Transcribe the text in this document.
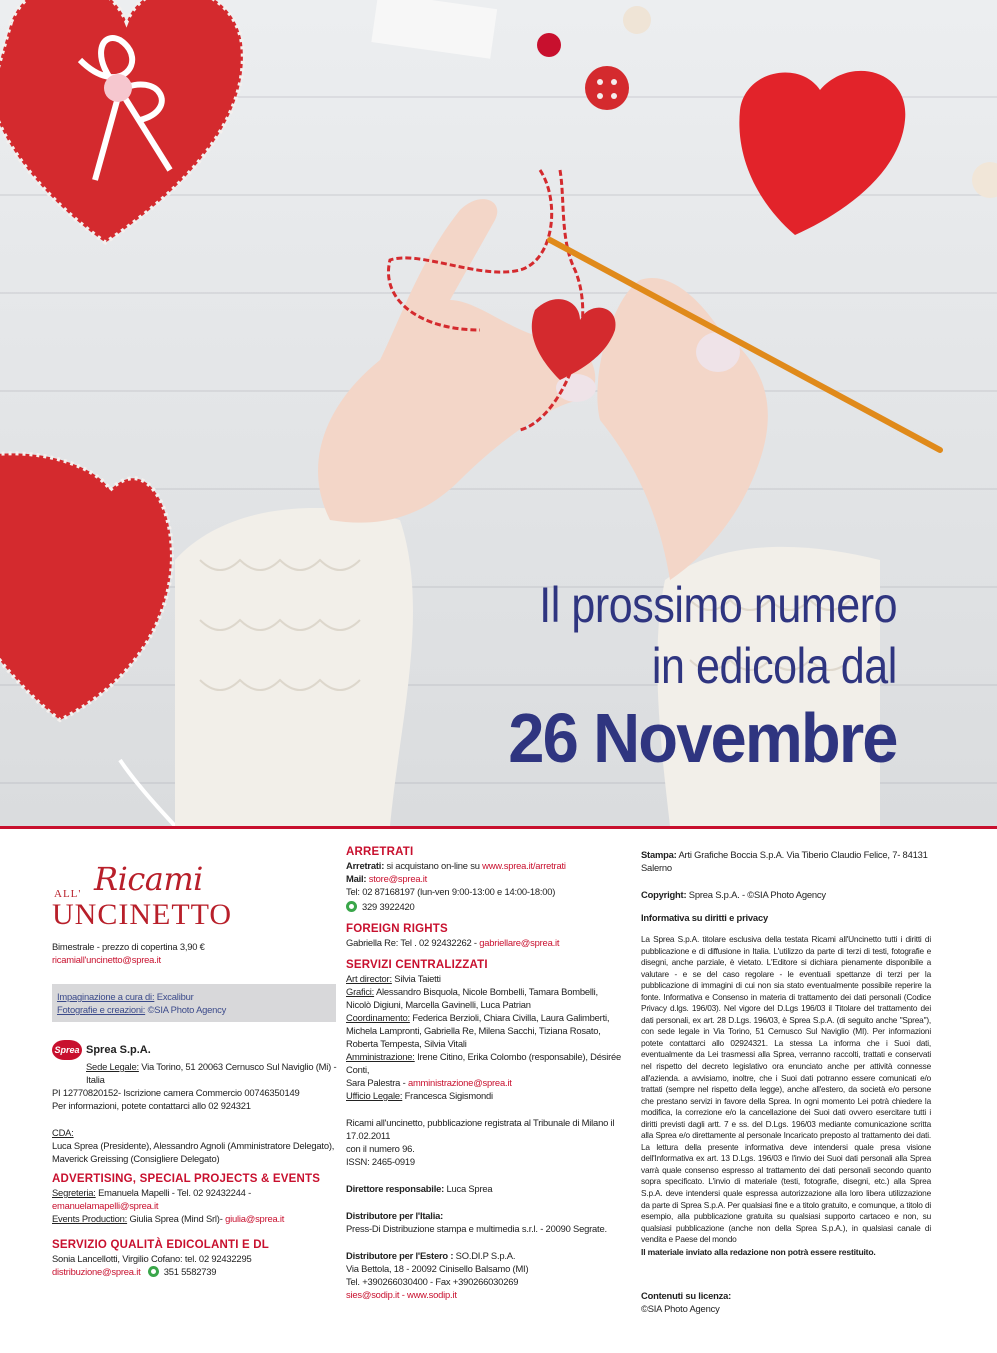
Il prossimo numero
in edicola dal
26 Novembre
Ricami
ALL'
UNCINETTO
Bimestrale - prezzo di copertina 3,90 €
ricamiall'uncinetto@sprea.it
Impaginazione a cura di: Excalibur
Fotografie e creazioni: ©SIA Photo Agency
Sprea Sprea S.p.A.
Sede Legale: Via Torino, 51 20063 Cernusco Sul Naviglio (Mi) - Italia
PI 12770820152- Iscrizione camera Commercio 00746350149
Per informazioni, potete contattarci allo 02 924321
CDA:
Luca Sprea (Presidente), Alessandro Agnoli (Amministratore Delegato),
Maverick Greissing (Consigliere Delegato)
ADVERTISING, SPECIAL PROJECTS & EVENTS
Segreteria: Emanuela Mapelli - Tel. 02 92432244 - emanuelamapelli@sprea.it
Events Production: Giulia Sprea (Mind Srl)- giulia@sprea.it
SERVIZIO QUALITÀ EDICOLANTI E DL
Sonia Lancellotti, Virgilio Cofano: tel. 02 92432295
distribuzione@sprea.it 351 5582739
ARRETRATI
Arretrati: si acquistano on-line su www.sprea.it/arretrati
Mail: store@sprea.it
Tel: 02 87168197 (lun-ven 9:00-13:00 e 14:00-18:00)
329 3922420
FOREIGN RIGHTS
Gabriella Re: Tel . 02 92432262 - gabriellare@sprea.it
SERVIZI CENTRALIZZATI
Art director: Silvia Taietti
Grafici: Alessandro Bisquola, Nicole Bombelli, Tamara Bombelli,
Nicolò Digiuni, Marcella Gavinelli, Luca Patrian
Coordinamento: Federica Berzioli, Chiara Civilla, Laura Galimberti,
Michela Lampronti, Gabriella Re, Milena Sacchi, Tiziana Rosato,
Roberta Tempesta, Silvia Vitali
Amministrazione: Irene Citino, Erika Colombo (responsabile), Désirée Conti,
Sara Palestra - amministrazione@sprea.it
Ufficio Legale: Francesca Sigismondi
Ricami all'uncinetto, pubblicazione registrata al Tribunale di Milano il 17.02.2011
con il numero 96.
ISSN: 2465-0919
Direttore responsabile: Luca Sprea
Distributore per l'Italia:
Press-Di Distribuzione stampa e multimedia s.r.l. - 20090 Segrate.
Distributore per l'Estero : SO.DI.P S.p.A.
Via Bettola, 18 - 20092 Cinisello Balsamo (MI)
Tel. +390266030400 - Fax +390266030269
sies@sodip.it - www.sodip.it
Stampa: Arti Grafiche Boccia S.p.A. Via Tiberio Claudio Felice, 7- 84131 Salerno
Copyright: Sprea S.p.A. - ©SIA Photo Agency
Informativa su diritti e privacy
La Sprea S.p.A. titolare esclusiva della testata Ricami all'Uncinetto tutti i diritti di pubblicazione e di diffusione in Italia. L'utilizzo da parte di terzi di testi, fotografie e disegni, anche parziale, è vietato. L'Editore si dichiara pienamente disponibile a valutare - e se del caso regolare - le eventuali spettanze di terzi per la pubblicazione di immagini di cui non sia stato eventualmente possibile reperire la fonte. Informativa e Consenso in materia di trattamento dei dati personali (Codice Privacy d.lgs. 196/03). Nel vigore del D.Lgs 196/03 il Titolare del trattamento dei dati personali, ex art. 28 D.Lgs. 196/03, è Sprea S.p.A. (di seguito anche "Sprea"), con sede legale in Via Torino, 51 Cernusco Sul Naviglio (MI). Per informazioni potete contattarci allo 02924321. La stessa La informa che i Suoi dati, eventualmente da Lei trasmessi alla Sprea, verranno raccolti, trattati e conservati nel rispetto del decreto legislativo ora enunciato anche per attività connesse all'azienda. a avvisiamo, inoltre, che i Suoi dati potranno essere comunicati e/o trattati (sempre nel rispetto della legge), anche all'estero, da società e/o persone che prestano servizi in favore della Sprea. In ogni momento Lei potrà chiedere la modifica, la correzione e/o la cancellazione dei Suoi dati ovvero esercitare tutti i diritti previsti dagli artt. 7 e ss. del D.Lgs. 196/03 mediante comunicazione scritta alla Sprea e/o direttamente al personale Incaricato preposto al trattamento dei dati. La lettura della presente informativa deve intendersi quale presa visione dell'Informativa ex art. 13 D.Lgs. 196/03 e l'invio dei Suoi dati personali alla Sprea varrà quale consenso espresso al trattamento dei dati personali secondo quanto sopra specificato. L'invio di materiale (testi, fotografie, disegni, etc.) alla Sprea S.p.A. deve intendersi quale espressa autorizzazione alla loro libera utilizzazione da parte di Sprea S.p.A. Per qualsiasi fine e a titolo gratuito, e comunque, a titolo di esempio, alla pubblicazione gratuita su qualsiasi supporto cartaceo e non, su qualsiasi pubblicazione (anche non della Sprea S.p.A.), in qualsiasi canale di vendita e Paese del mondo
Il materiale inviato alla redazione non potrà essere restituito.
Contenuti su licenza:
©SIA Photo Agency
